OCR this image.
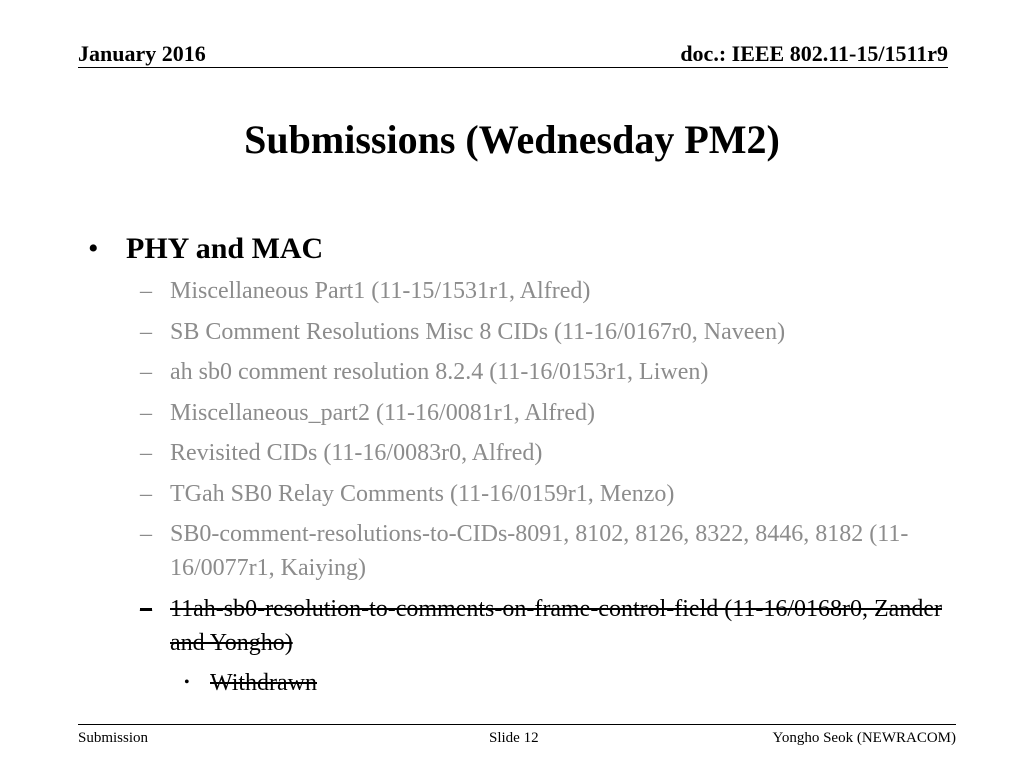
January 2016	doc.: IEEE 802.11-15/1511r9
Submissions (Wednesday PM2)
• PHY and MAC
– Miscellaneous Part1 (11-15/1531r1, Alfred)
– SB Comment Resolutions Misc 8 CIDs (11-16/0167r0, Naveen)
– ah sb0 comment resolution 8.2.4 (11-16/0153r1, Liwen)
– Miscellaneous_part2 (11-16/0081r1, Alfred)
– Revisited CIDs (11-16/0083r0, Alfred)
– TGah SB0 Relay Comments (11-16/0159r1, Menzo)
– SB0-comment-resolutions-to-CIDs-8091, 8102, 8126, 8322, 8446, 8182 (11-16/0077r1, Kaiying)
– 11ah-sb0-resolution-to-comments-on-frame-control-field (11-16/0168r0, Zander and Yongho)
• Withdrawn
Submission	Slide 12	Yongho Seok (NEWRACOM)
